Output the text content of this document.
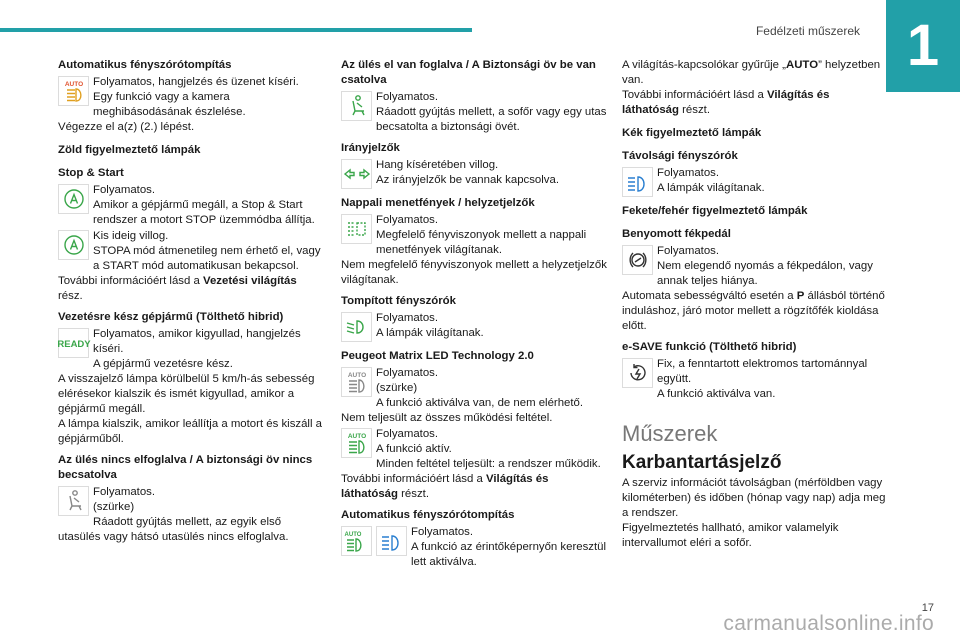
Fedélzeti műszerek 1
Automatikus fényszórótompítás
AUTO Folyamatos, hangjelzés és üzenet kíséri.

Egy funkció vagy a kamera meghibásodásának észlelése.

Végezze el a(z) (2.) lépést.

Zöld figyelmeztető lámpák
Stop & Start

Folyamatos.

Amikor a gépjármű megáll, a Stop & Start rendszer a motort STOP üzemmódba állítja.

Kis ideig villog.

STOPA mód átmenetileg nem érhető el, vagy a START mód automatikusan bekapcsol.

További információért lásd a Vezetési világítás rész.

Vezetésre kész gépjármű (Tölthető hibrid)
READY

Folyamatos, amikor kigyullad, hangjelzés kíséri.

A gépjármű vezetésre kész.

A visszajelző lámpa körülbelül 5 km/h-ás sebesség elérésekor kialszik és ismét kigyullad, amikor a gépjármű megáll.

A lámpa kialszik, amikor leállítja a motort és kiszáll a gépjárműből.

Az ülés nincs elfoglalva / A biztonsági öv nincs becsatolva

Folyamatos.

(szürke)

Ráadott gyújtás mellett, az egyik első utasülés vagy hátsó utasülés nincs elfoglalva.

Az ülés el van foglalva / A Biztonsági öv be van csatolva

Folyamatos.

Ráadott gyújtás mellett, a sofőr vagy egy utas becsatolta a biztonsági övét.

Irányjelzők

Hang kíséretében villog.

Az irányjelzők be vannak kapcsolva.

Nappali menetfények / helyzetjelzők

Folyamatos.

Megfelelő fényviszonyok mellett a nappali menetfények világítanak.

Nem megfelelő fényviszonyok mellett a helyzetjelzők világítanak.

Tompított fényszórók

Folyamatos.

A lámpák világítanak.

Peugeot Matrix LED Technology 2.0
AUTO Folyamatos.

(szürke)

A funkció aktiválva van, de nem elérhető.

Nem teljesült az összes működési feltétel.

AUTO Folyamatos.

A funkció aktív.

Minden feltétel teljesült: a rendszer működik.

További információért lásd a Világítás és

láthatóság részt.

Automatikus fényszórótompítás
AUTO	Folyamatos.

A funkció az érintőképernyőn keresztül lett aktiválva.

A világítás-kapcsolókar gyűrűje „AUTO” helyzetben van.

További információért lásd a Világítás és láthatóság részt.

Kék figyelmeztető lámpák
Távolsági fényszórók

Folyamatos.

A lámpák világítanak.

Fekete/fehér figyelmeztető lámpák
Benyomott fékpedál

Folyamatos.

Nem elegendő nyomás a fékpedálon, vagy annak teljes hiánya.

Automata sebességváltó esetén a P állásból történő induláshoz, járó motor mellett a rögzítőfék kioldása előtt.

e-SAVE funkció (Tölthető hibrid)

Fix, a fenntartott elektromos tartománnyal együtt.

A funkció aktiválva van.

Műszerek
Karbantartásjelző

A szerviz információt távolságban (mérföldben vagy kilométerben) és időben (hónap vagy nap) adja meg a rendszer.

Figyelmeztetés hallható, amikor valamelyik intervallumot eléri a sofőr.

carmanualsonline.info
17
